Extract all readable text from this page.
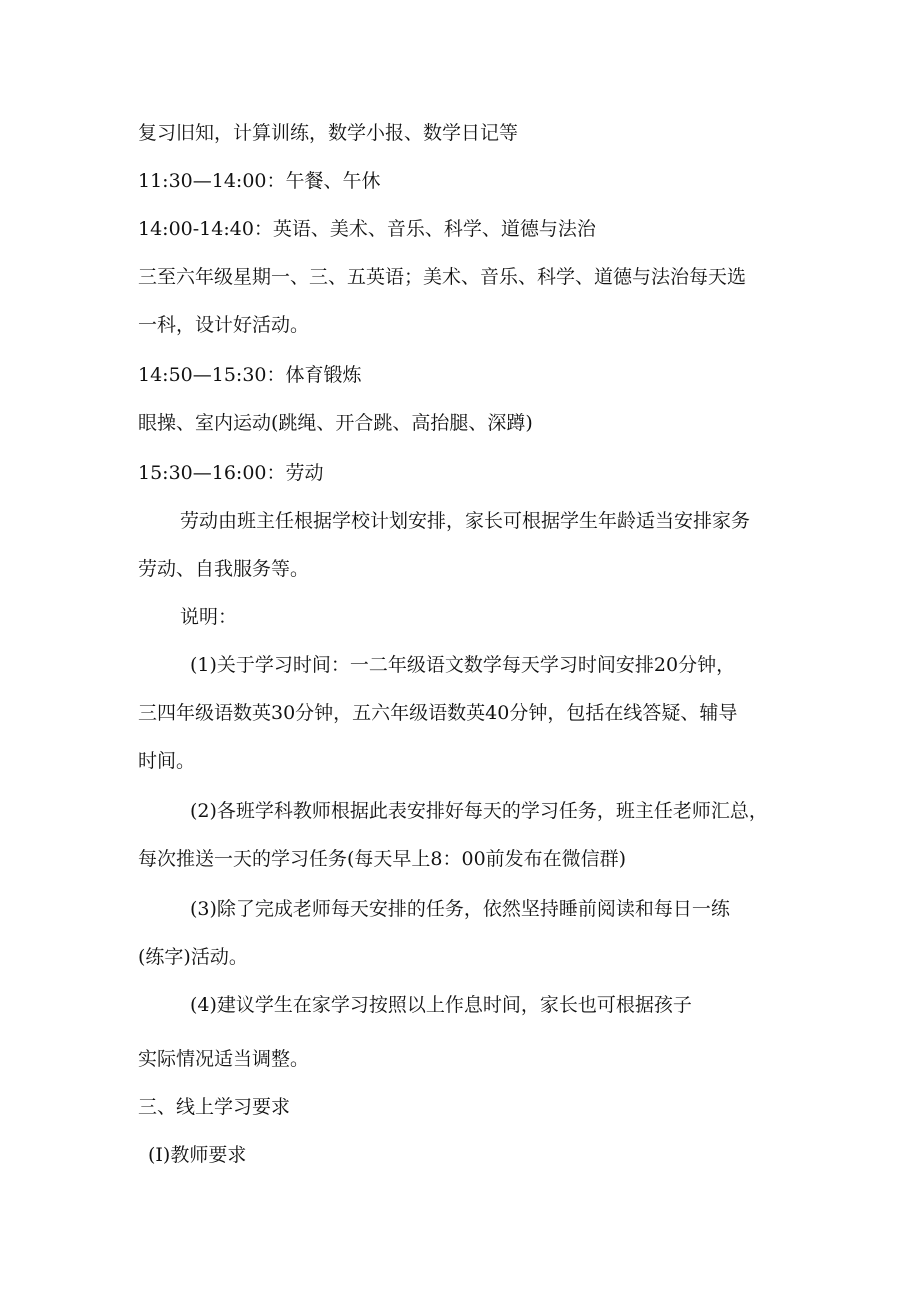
复习旧知，计算训练，数学小报、数学日记等
11:30—14:00：午餐、午休
14:00-14:40：英语、美术、音乐、科学、道德与法治
三至六年级星期一、三、五英语；美术、音乐、科学、道德与法治每天选
一科，设计好活动。
14:50—15:30：体育锻炼
眼操、室内运动(跳绳、开合跳、高抬腿、深蹲)
15:30—16:00：劳动
劳动由班主任根据学校计划安排，家长可根据学生年龄适当安排家务
劳动、自我服务等。
说明：
(1)关于学习时间：一二年级语文数学每天学习时间安排20分钟，
三四年级语数英30分钟，五六年级语数英40分钟，包括在线答疑、辅导
时间。
(2)各班学科教师根据此表安排好每天的学习任务，班主任老师汇总，
每次推送一天的学习任务(每天早上8：00前发布在微信群)
(3)除了完成老师每天安排的任务，依然坚持睡前阅读和每日一练
(练字)活动。
(4)建议学生在家学习按照以上作息时间，家长也可根据孩子
实际情况适当调整。
三、线上学习要求
(I)教师要求
